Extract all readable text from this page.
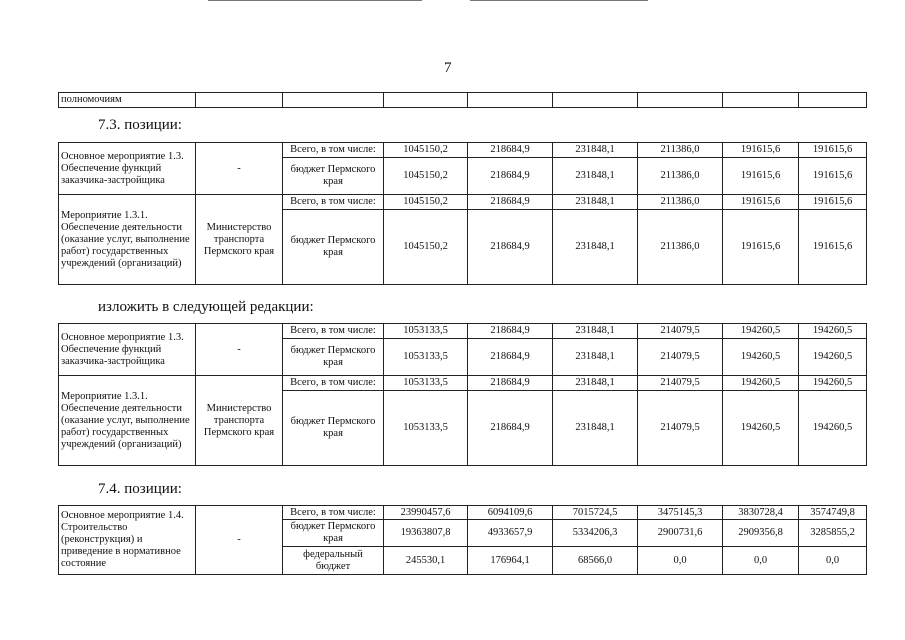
7
полномочиям								
7.3. позиции:
Основное мероприятие 1.3. Обеспечение функций заказчика-застройщика	-	Всего, в том числе:	1045150,2	218684,9	231848,1	211386,0	191615,6	191615,6
		бюджет Пермского края	1045150,2	218684,9	231848,1	211386,0	191615,6	191615,6
Мероприятие 1.3.1. Обеспечение деятельности (оказание услуг, выполнение работ) государственных учреждений (организаций)	Министерство транспорта Пермского края	Всего, в том числе:	1045150,2	218684,9	231848,1	211386,0	191615,6	191615,6
		бюджет Пермского края	1045150,2	218684,9	231848,1	211386,0	191615,6	191615,6
изложить в следующей редакции:
Основное мероприятие 1.3. Обеспечение функций заказчика-застройщика	-	Всего, в том числе:	1053133,5	218684,9	231848,1	214079,5	194260,5	194260,5
		бюджет Пермского края	1053133,5	218684,9	231848,1	214079,5	194260,5	194260,5
Мероприятие 1.3.1. Обеспечение деятельности (оказание услуг, выполнение работ) государственных учреждений (организаций)	Министерство транспорта Пермского края	Всего, в том числе:	1053133,5	218684,9	231848,1	214079,5	194260,5	194260,5
		бюджет Пермского края	1053133,5	218684,9	231848,1	214079,5	194260,5	194260,5
7.4. позиции:
Основное мероприятие 1.4. Строительство (реконструкция) и приведение в нормативное состояние	-	Всего, в том числе:	23990457,6	6094109,6	7015724,5	3475145,3	3830728,4	3574749,8
		бюджет Пермского края	19363807,8	4933657,9	5334206,3	2900731,6	2909356,8	3285855,2
		федеральный бюджет	245530,1	176964,1	68566,0	0,0	0,0	0,0
